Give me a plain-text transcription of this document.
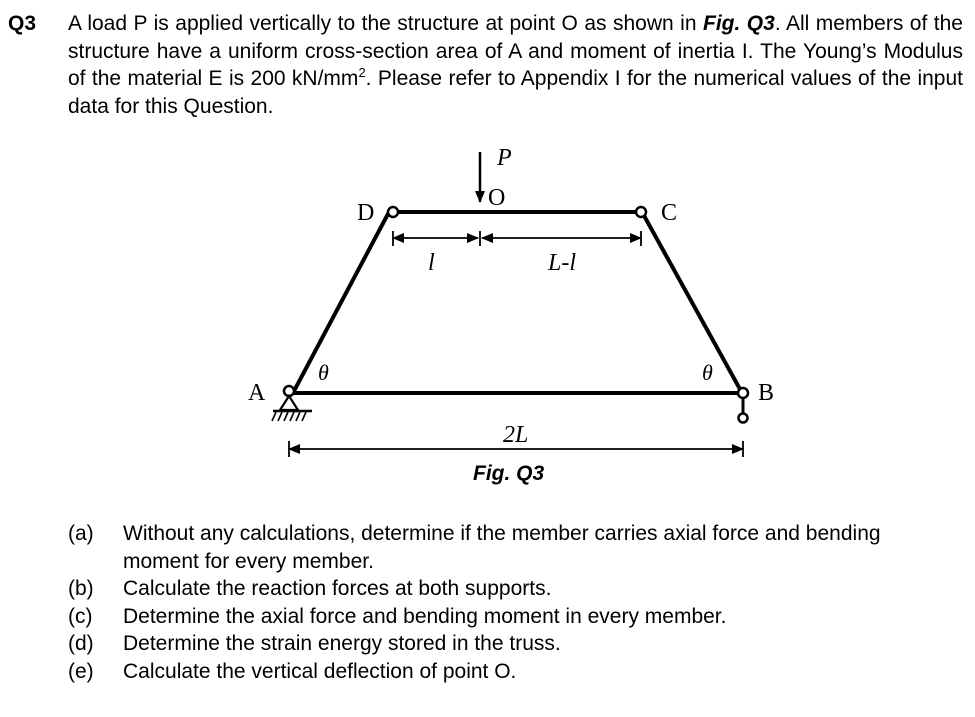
Q3 A load P is applied vertically to the structure at point O as shown in Fig. Q3. All members of the structure have a uniform cross-section area of A and moment of inertia I. The Young’s Modulus of the material E is 200 $kN/mm^2$. Please refer to Appendix I for the numerical values of the input data for this Question.
P
O
D	C
A	B
θ	θ
l	L-l
2L
Fig. Q3
(a) Without any calculations, determine if the member carries axial force and bending moment for every member.
(b) Calculate the reaction forces at both supports.
(c) Determine the axial force and bending moment in every member.
(d) Determine the strain energy stored in the truss.
(e) Calculate the vertical deflection of point O.
